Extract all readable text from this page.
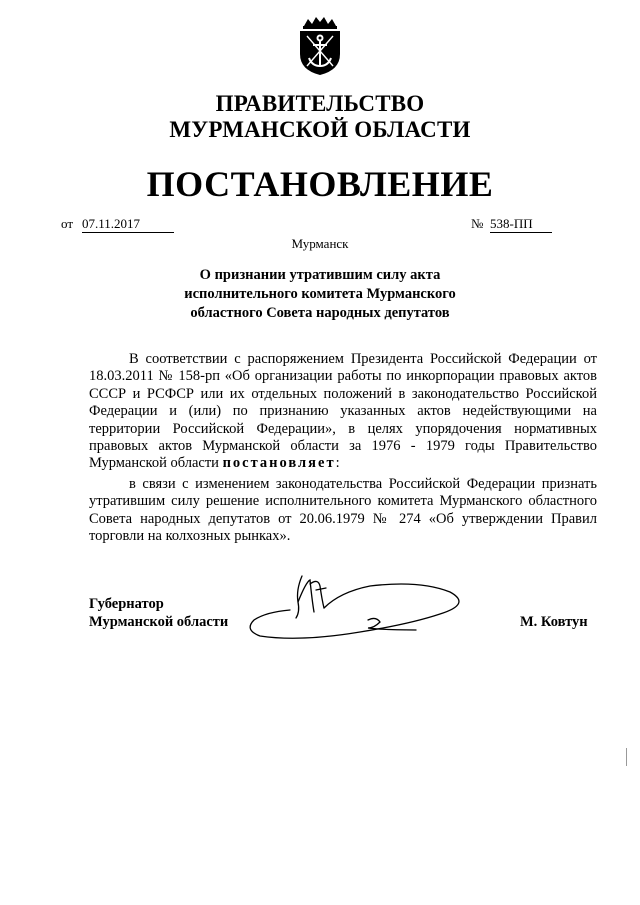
ПРАВИТЕЛЬСТВО
МУРМАНСКОЙ ОБЛАСТИ
ПОСТАНОВЛЕНИЕ
от 07.11.2017	№ 538-ПП
Мурманск
О признании утратившим силу акта
исполнительного комитета Мурманского
областного Совета народных депутатов

В соответствии с распоряжением Президента Российской Федерации от 18.03.2011 № 158-рп «Об организации работы по инкорпорации правовых актов СССР и РСФСР или их отдельных положений в законодательство Российской Федерации и (или) по признанию указанных актов недействующими на территории Российской Федерации», в целях упорядочения нормативных правовых актов Мурманской области за 1976 - 1979 годы Правительство Мурманской области постановляет:

в связи с изменением законодательства Российской Федерации признать утратившим силу решение исполнительного комитета Мурманского областного Совета народных депутатов от 20.06.1979 № 274 «Об утверждении Правил торговли на колхозных рынках».

Губернатор
Мурманской области	М. Ковтун
